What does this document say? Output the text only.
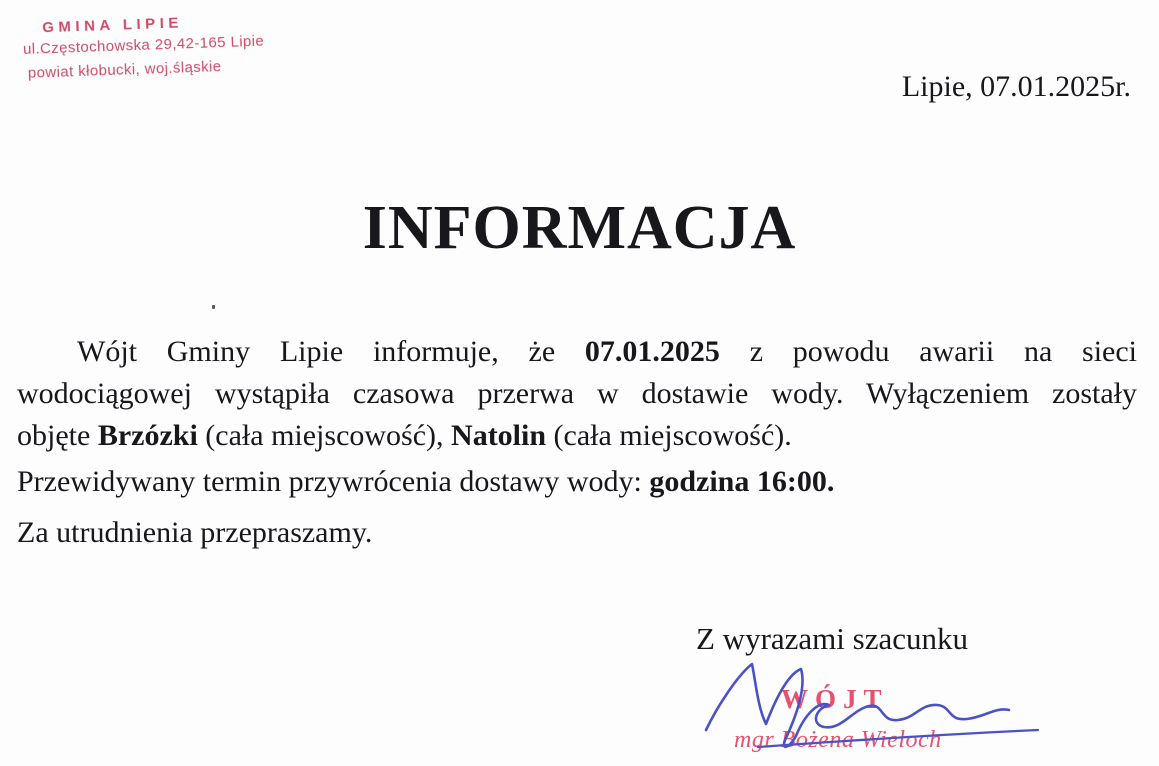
GMINA LIPIE
ul.Częstochowska 29,42-165 Lipie
powiat kłobucki, woj.śląskie
Lipie, 07.01.2025r.
INFORMACJA
Wójt Gminy Lipie informuje, że 07.01.2025 z powodu awarii na sieci
wodociągowej wystąpiła czasowa przerwa w dostawie wody. Wyłączeniem zostały
objęte Brzózki (cała miejscowość), Natolin (cała miejscowość).
Przewidywany termin przywrócenia dostawy wody: godzina 16:00.
Za utrudnienia przepraszamy.
Z wyrazami szacunku
WÓJT
mgr Bożena Wieloch
